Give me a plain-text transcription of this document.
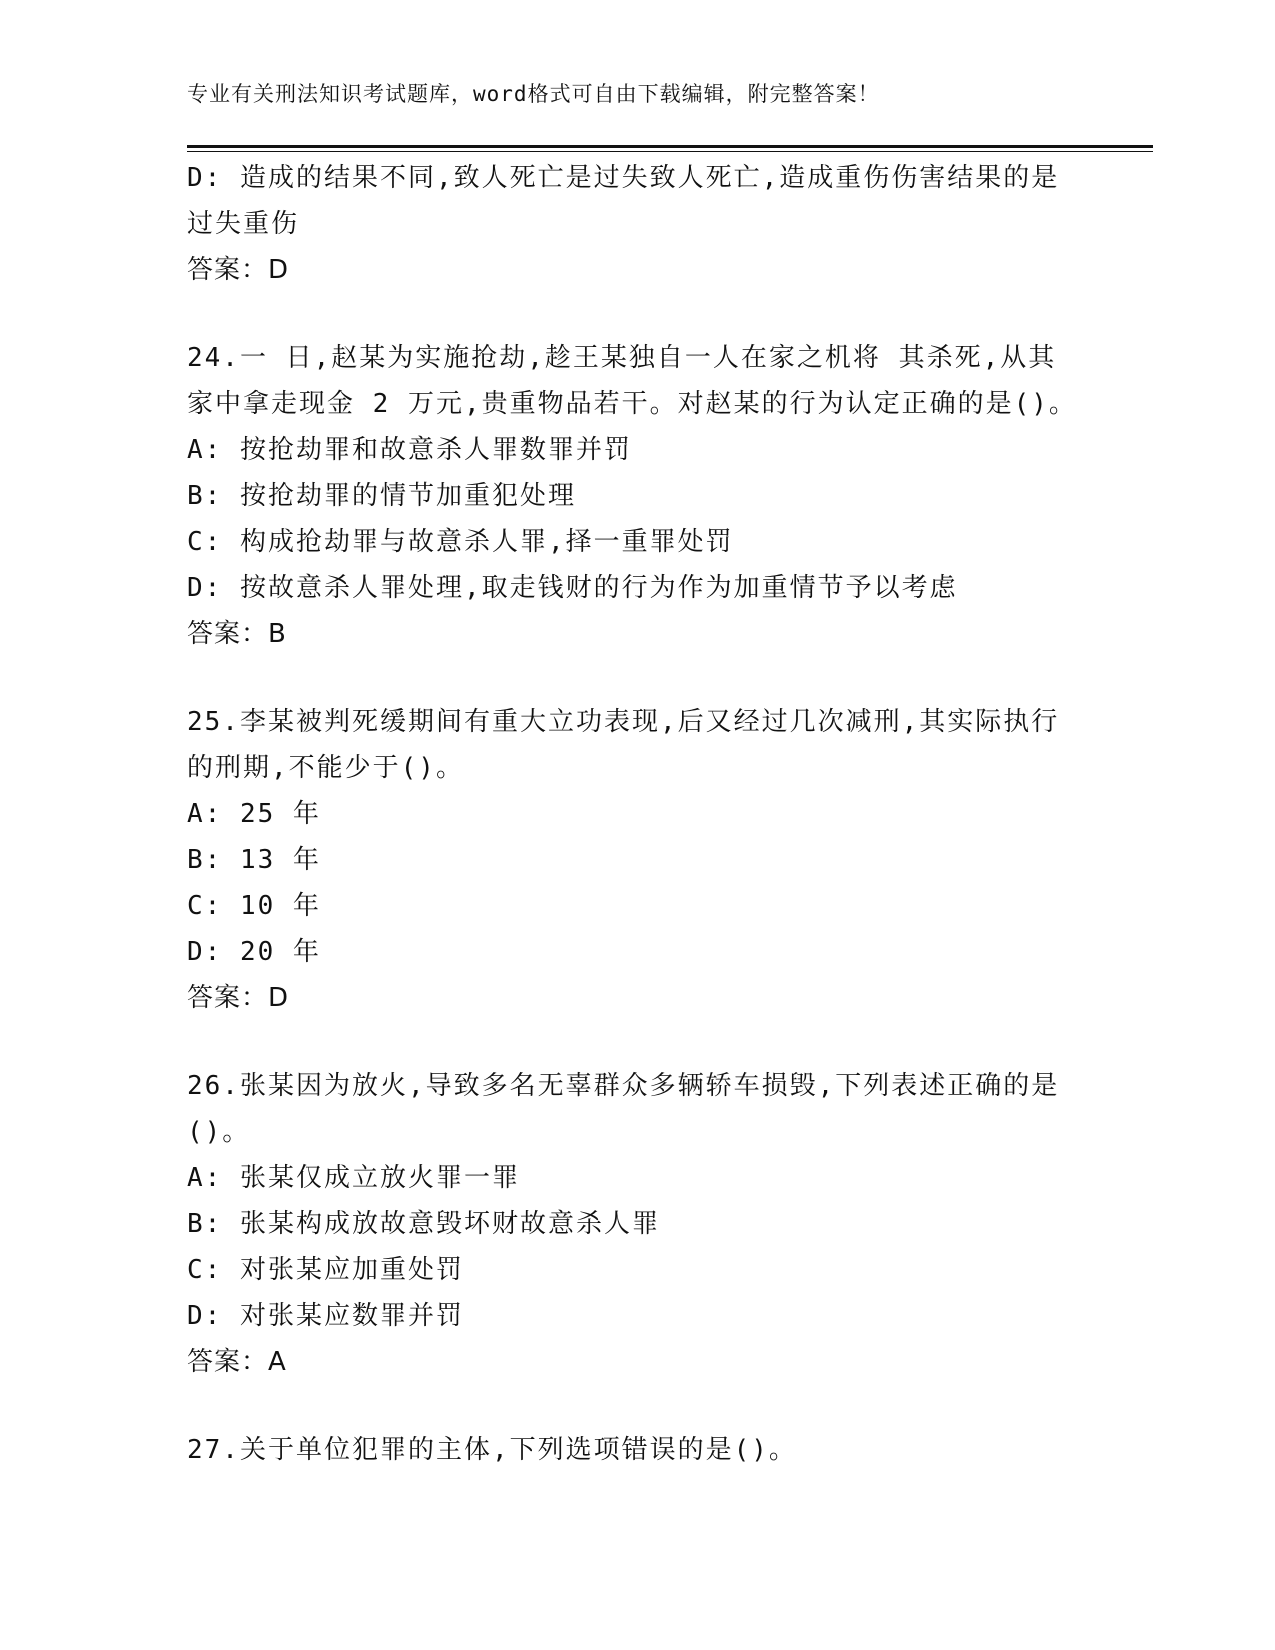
专业有关刑法知识考试题库，word格式可自由下载编辑，附完整答案！
D: 造成的结果不同,致人死亡是过失致人死亡,造成重伤伤害结果的是
过失重伤
答案：D
24.一 日,赵某为实施抢劫,趁王某独自一人在家之机将 其杀死,从其
家中拿走现金 2 万元,贵重物品若干。对赵某的行为认定正确的是()。
A: 按抢劫罪和故意杀人罪数罪并罚
B: 按抢劫罪的情节加重犯处理
C: 构成抢劫罪与故意杀人罪,择一重罪处罚
D: 按故意杀人罪处理,取走钱财的行为作为加重情节予以考虑
答案：B
25.李某被判死缓期间有重大立功表现,后又经过几次减刑,其实际执行
的刑期,不能少于()。
A: 25 年
B: 13 年
C: 10 年
D: 20 年
答案：D
26.张某因为放火,导致多名无辜群众多辆轿车损毁,下列表述正确的是
()。
A: 张某仅成立放火罪一罪
B: 张某构成放故意毁坏财故意杀人罪
C: 对张某应加重处罚
D: 对张某应数罪并罚
答案：A
27.关于单位犯罪的主体,下列选项错误的是()。
